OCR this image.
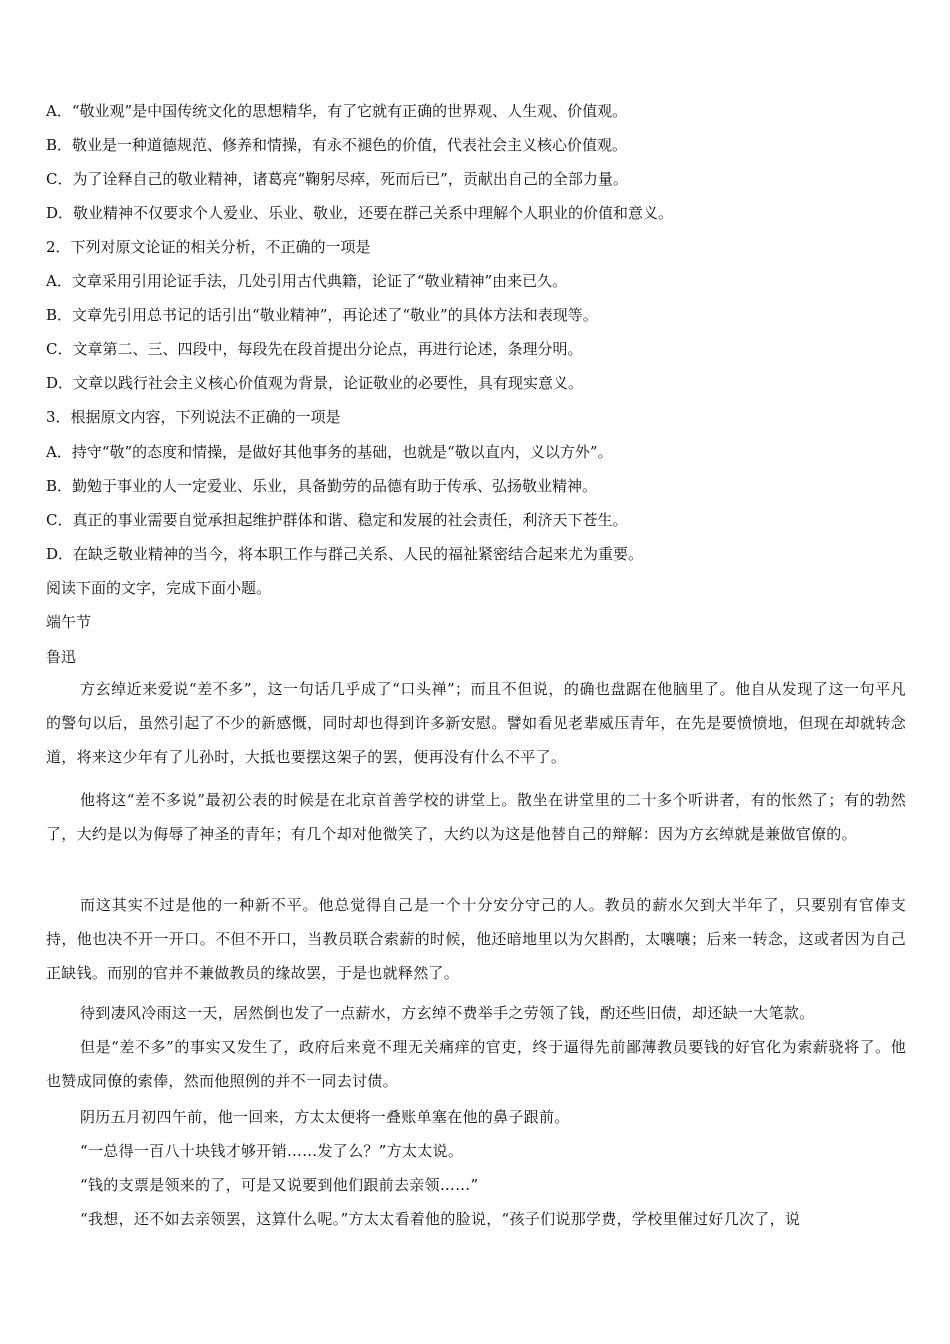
A．“敬业观”是中国传统文化的思想精华，有了它就有正确的世界观、人生观、价值观。
B．敬业是一种道德规范、修养和情操，有永不褪色的价值，代表社会主义核心价值观。
C．为了诠释自己的敬业精神，诸葛亮“鞠躬尽瘁，死而后已”，贡献出自己的全部力量。
D．敬业精神不仅要求个人爱业、乐业、敬业，还要在群己关系中理解个人职业的价值和意义。
2．下列对原文论证的相关分析，不正确的一项是
A．文章采用引用论证手法，几处引用古代典籍，论证了“敬业精神”由来已久。
B．文章先引用总书记的话引出“敬业精神”，再论述了“敬业”的具体方法和表现等。
C．文章第二、三、四段中，每段先在段首提出分论点，再进行论述，条理分明。
D．文章以践行社会主义核心价值观为背景，论证敬业的必要性，具有现实意义。
3．根据原文内容，下列说法不正确的一项是
A．持守“敬”的态度和情操，是做好其他事务的基础，也就是“敬以直内，义以方外”。
B．勤勉于事业的人一定爱业、乐业，具备勤劳的品德有助于传承、弘扬敬业精神。
C．真正的事业需要自觉承担起维护群体和谐、稳定和发展的社会责任，利济天下苍生。
D．在缺乏敬业精神的当今，将本职工作与群己关系、人民的福祉紧密结合起来尤为重要。
阅读下面的文字，完成下面小题。
端午节
鲁迅
方玄绰近来爱说“差不多”，这一句话几乎成了“口头禅”；而且不但说，的确也盘踞在他脑里了。他自从发现了这一句平凡的警句以后，虽然引起了不少的新感慨，同时却也得到许多新安慰。譬如看见老辈威压青年，在先是要愤愤地，但现在却就转念道，将来这少年有了儿孙时，大抵也要摆这架子的罢，便再没有什么不平了。
他将这“差不多说”最初公表的时候是在北京首善学校的讲堂上。散坐在讲堂里的二十多个听讲者，有的怅然了；有的勃然了，大约是以为侮辱了神圣的青年；有几个却对他微笑了，大约以为这是他替自己的辩解：因为方玄绰就是兼做官僚的。
而这其实不过是他的一种新不平。他总觉得自己是一个十分安分守己的人。教员的薪水欠到大半年了，只要别有官俸支持，他也决不开一开口。不但不开口，当教员联合索薪的时候，他还暗地里以为欠斟酌，太嚷嚷；后来一转念，这或者因为自己正缺钱。而别的官并不兼做教员的缘故罢，于是也就释然了。
待到凄风冷雨这一天，居然倒也发了一点薪水，方玄绰不费举手之劳领了钱，酌还些旧债，却还缺一大笔款。
但是“差不多”的事实又发生了，政府后来竟不理无关痛痒的官吏，终于逼得先前鄙薄教员要钱的好官化为索薪骁将了。他也赞成同僚的索俸，然而他照例的并不一同去讨债。
阴历五月初四午前，他一回来，方太太便将一叠账单塞在他的鼻子跟前。
“一总得一百八十块钱才够开销……发了么？”方太太说。
“钱的支票是领来的了，可是又说要到他们跟前去亲领……”
“我想，还不如去亲领罢，这算什么呢。”方太太看着他的脸说，“孩子们说那学费，学校里催过好几次了，说
